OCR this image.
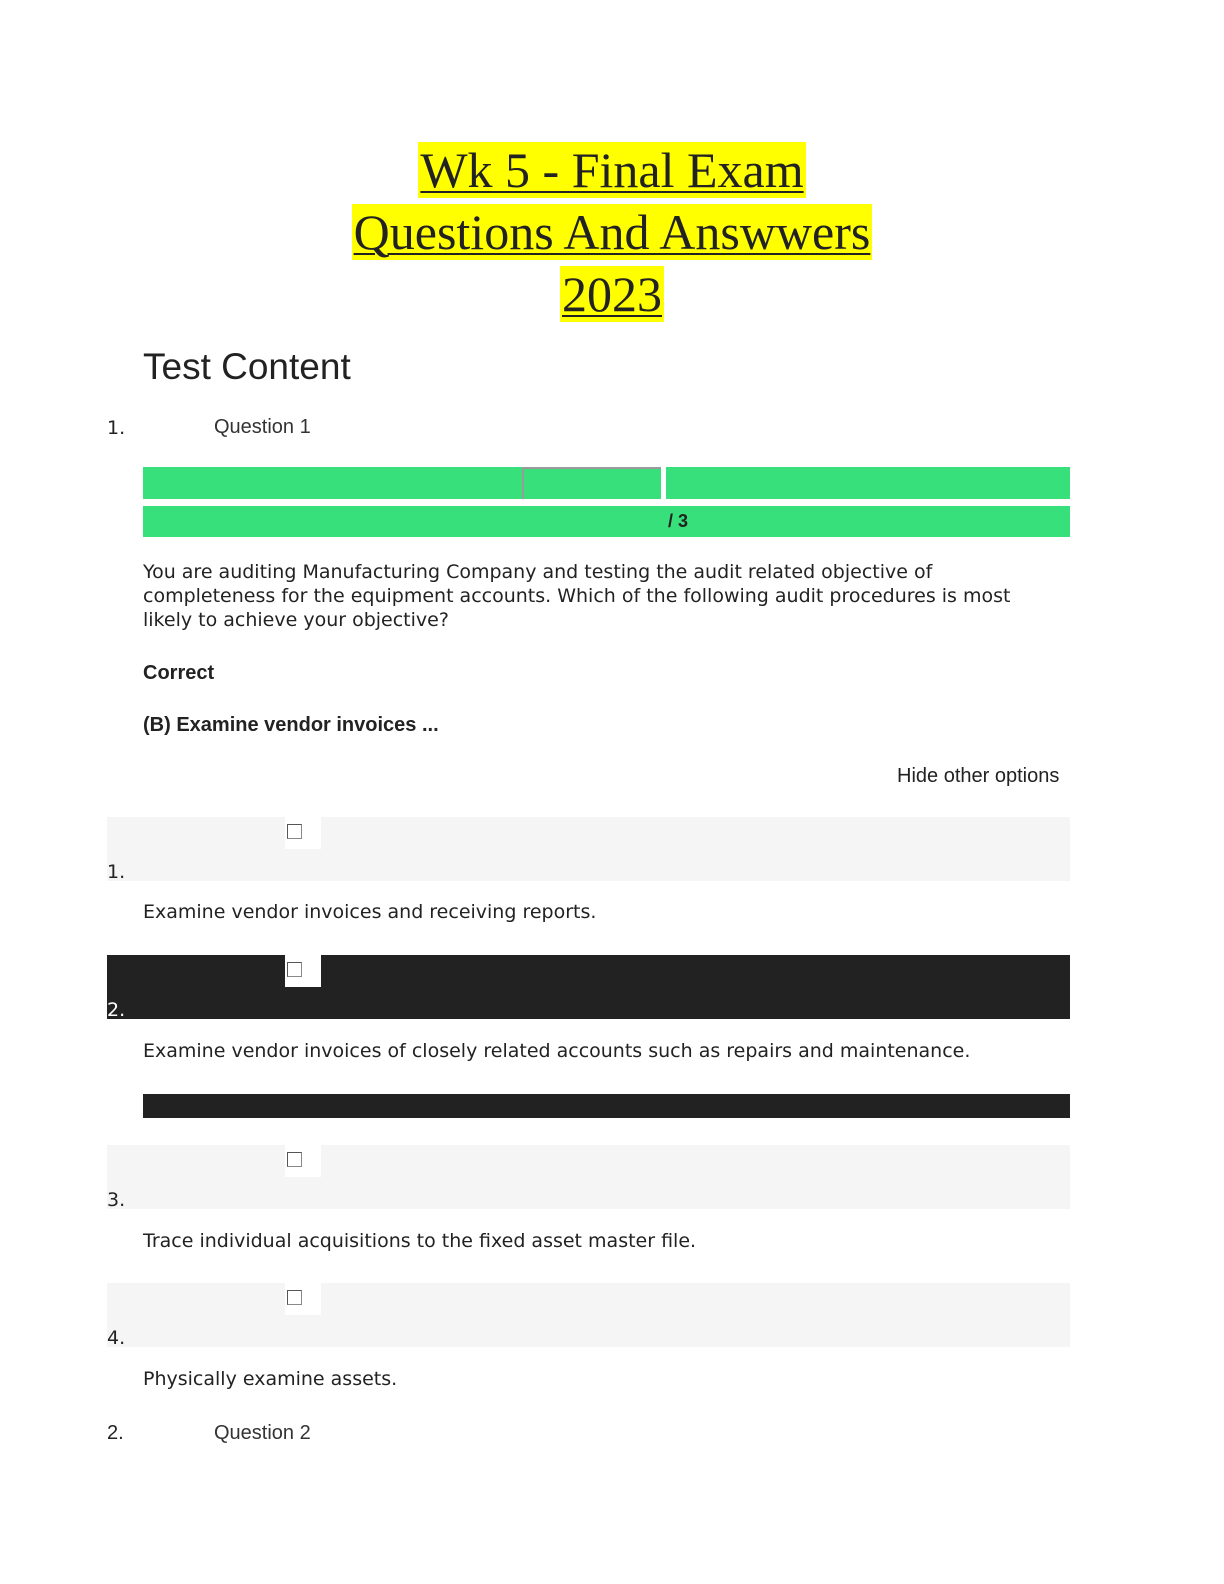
Wk 5 - Final Exam
Questions And Answwers
2023
Test Content
1.	Question 1
/ 3
You are auditing Manufacturing Company and testing the audit related objective of completeness for the equipment accounts. Which of the following audit procedures is most likely to achieve your objective?
Correct
(B) Examine vendor invoices ...
Hide other options
1.
Examine vendor invoices and receiving reports.
2.
Examine vendor invoices of closely related accounts such as repairs and maintenance.
3.
Trace individual acquisitions to the fixed asset master file.
4.
Physically examine assets.
2.	Question 2
